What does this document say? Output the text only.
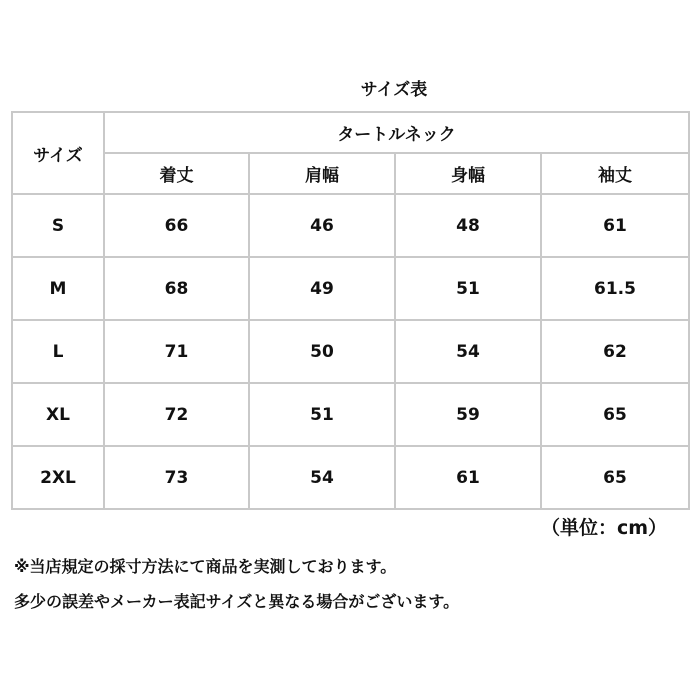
サイズ表
サイズ	タートルネック			
	着丈	肩幅	身幅	袖丈
S	66	46	48	61
M	68	49	51	61.5
L	71	50	54	62
XL	72	51	59	65
2XL	73	54	61	65
（単位：cm）
※当店規定の採寸方法にて商品を実測しております。
多少の誤差やメーカー表記サイズと異なる場合がございます。
